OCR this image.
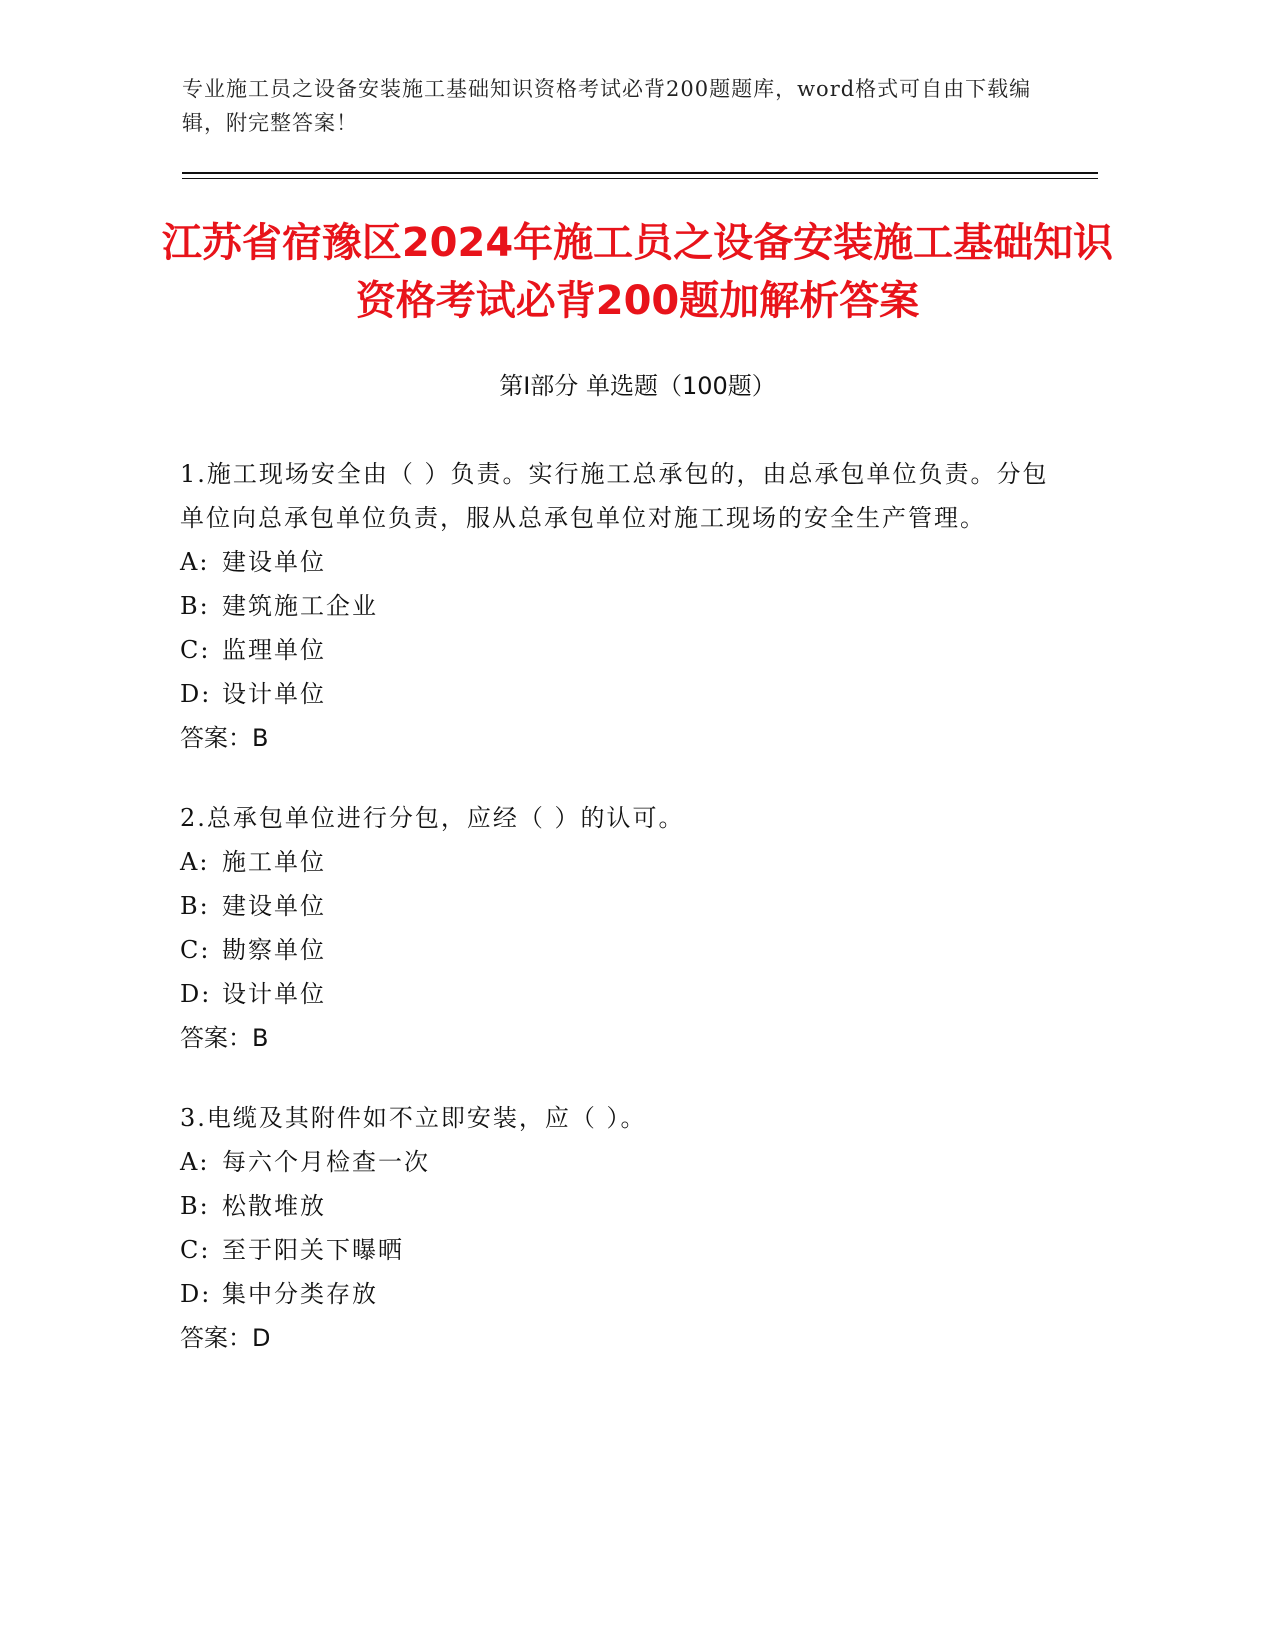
专业施工员之设备安装施工基础知识资格考试必背200题题库，word格式可自由下载编辑，附完整答案！
江苏省宿豫区2024年施工员之设备安装施工基础知识资格考试必背200题加解析答案
第Ⅰ部分 单选题（100题）

1.施工现场安全由（ ）负责。实行施工总承包的，由总承包单位负责。分包单位向总承包单位负责，服从总承包单位对施工现场的安全生产管理。

A: 建设单位
B: 建筑施工企业
C: 监理单位
D: 设计单位
答案：B

2.总承包单位进行分包，应经（ ）的认可。

A: 施工单位
B: 建设单位
C: 勘察单位
D: 设计单位
答案：B

3.电缆及其附件如不立即安装，应（ ）。

A: 每六个月检查一次
B: 松散堆放
C: 至于阳关下曝晒
D: 集中分类存放
答案：D
